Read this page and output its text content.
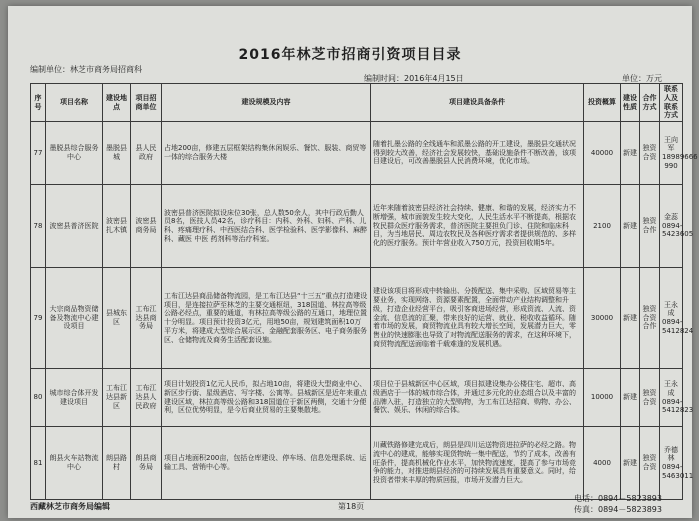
2016年林芝市招商引资项目目录
编制单位：林芝市商务局招商科
编制时间：2016年4月15日	单位：万元
序号	项目名称	建设地点	项目招商单位	建设规模及内容	项目建设具备条件	投资概算	建设性质	合作方式	联系人及联系方式
77	墨脱县综合服务中心	墨脱县城	县人民政府	占地200亩，修建五层框架结构集休闲娱乐、餐饮、服装、商贸等一体的综合服务大楼	随着扎墨公路的全线通车和派墨公路的开工建设，墨脱县交通状况得到较大改善，经济社会发展较快，基础设施条件不断改善，该项目建设后，可改善墨脱县人民消费环境，优化市场。	40000	新建	独资合资	王向军 18989666 990
78	波密县普济医院	波密县扎木镇	波密县商务局	波密县普济医院拟设床位30张，总人数50余人，其中行政后勤人员8名，医技人员42名，诊疗科目：内科、外科、妇科、产科、儿科、疼痛理疗科、中西医结合科、医学检验科、医学影像科、麻醉科、藏医 中医 药剂科等治疗科室。	近年来随着波密县经济社会持续、健康、和谐的发展，经济实力不断增强，城市面貌发生较大变化，人民生活水平不断提高，根据农牧民群众医疗服务需求，普济医院主要担负门诊、住院和临床科目，为当地居民、周边农牧民及各种医疗需求者提供规范的、多样化的医疗服务。预计年营业收入750万元，投资回收期5年。	2100	新建	独资合作	金蕊 0894-5423605
79	大宗商品物资储备及物流中心建设项目	县城东区	工布江达县商务局	工布江达县商品储备物流园，是工布江达县“十三五”重点打造建设项目，是连接拉萨至林芝的主要交通枢纽，318国道、林拉高等级公路必经点，重要的通道，有林拉高等级公路的互通口，地理位置十分明显。项目预计投资3亿元，用地50亩，规划建筑面积10万平方米，将建成大型综合展示区、金融配套服务区、电子商务服务区、仓储物流及商务生活配套设施。	建设该项目将形成中转输出、分拨配送、集中采购、区域贸易等主要业务，实现网络、资源要素配置，全面带动产业结构调整和升级，打造企业经营平台，吸引客商进场经营，形成资流、人流、资金流、信息流的汇聚，带来良好的运营、就业、税收收益循环。随着市场的发展，商贸物流业具有较大增长空间，发展潜力巨大，零售业的快速膨胀也导致了对物流配送服务的需求，在这种环境下，商贸物流配送面临着千载难逢的发展机遇。	30000	新建	独资合资合作	王永成 0894-5412824
80	城市综合体开发建设项目	工布江达县新区	工布江达县人民政府	项目计划投资1亿元人民币，拟占地10亩，将建设大型商业中心、新区步行街、星级酒店、写字楼、公寓等。县城新区是近年来重点建设区域，林拉高等级公路和318国道位于新区两侧，交通十分便利，区位优势明显，是今后商业贸易的主要集散地。	项目位于县城新区中心区域，项目拟建设集办公楼住宅、超市、高级酒店于一体的城市综合体，并通过多元化的业态组合以及丰富的品牌入驻，打造独立的大型购物，为工布江达招商、购物、办公、餐饮、娱乐、休闲的综合体。	10000	新建	独资合资	王永成 0894-5412823
81	朗县火车站物流中心	朗县路村	朗县商务局	项目占地面积200亩，包括仓库建设、停车场、信息处理系统、运输工具、营销中心等。	川藏铁路修建完成后，朗县是四川运送物资进拉萨的必经之路。物流中心的建成，能够实现货物统一集中配送，节约了成本，改善有旺条件，提高机械化作业水平，加快物流速度，提高了参与市场竞争的能力，对推进朗县经济的可持续发展具有重要意义。同时，给投资者带来丰厚的物质回报，市场开发潜力巨大。	4000	新建	独资合资	乔德林 0894-5463011
西藏林芝市商务局编辑	第18页
电话：0894－5823893
传真：0894－5823893
